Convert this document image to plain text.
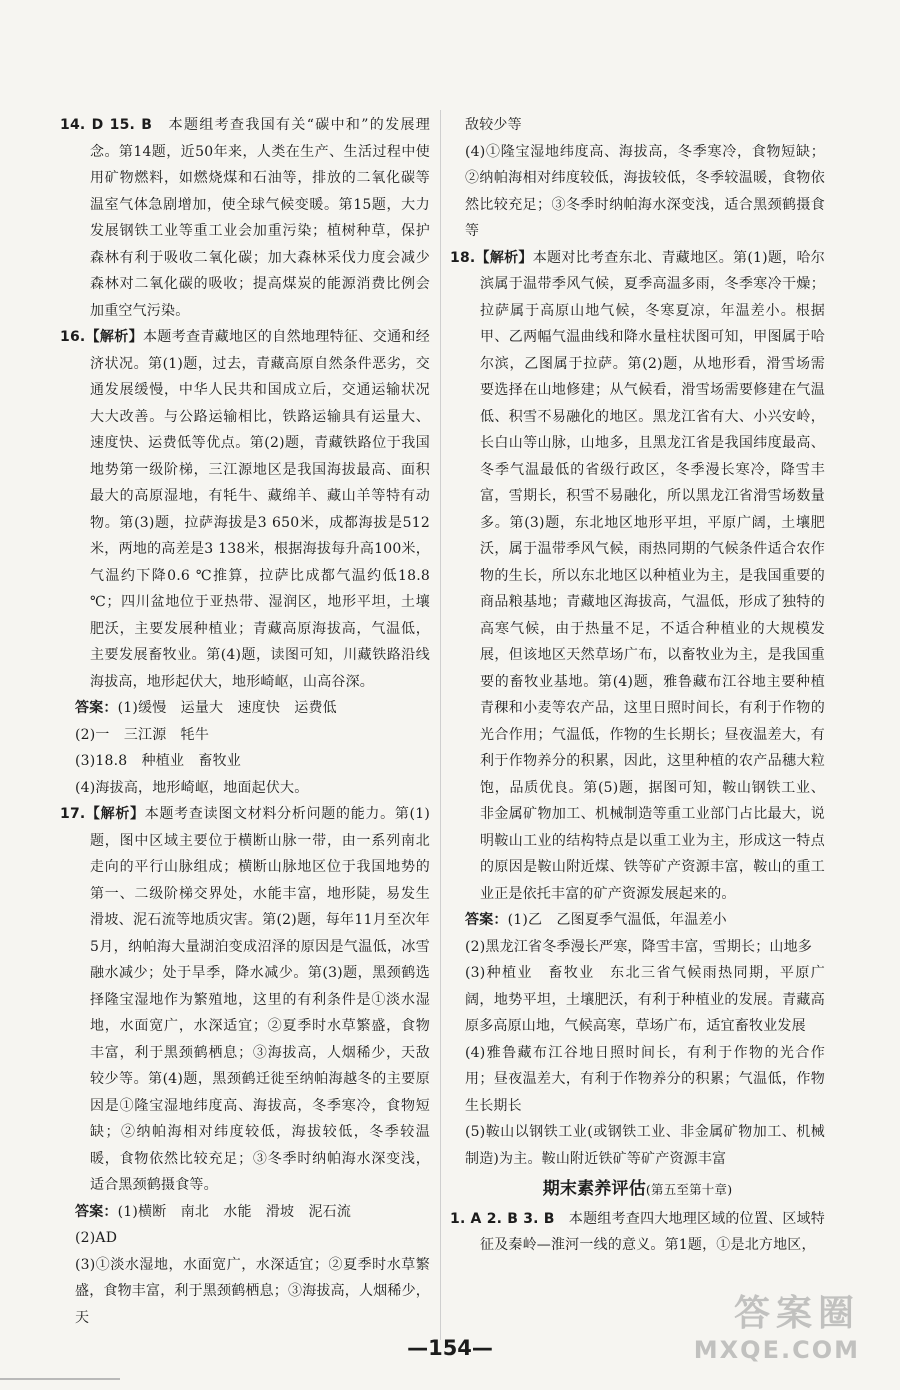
14. D 15. B　本题组考查我国有关“碳中和”的发展理念。第14题，近50年来，人类在生产、生活过程中使用矿物燃料，如燃烧煤和石油等，排放的二氧化碳等温室气体急剧增加，使全球气候变暖。第15题，大力发展钢铁工业等重工业会加重污染；植树种草，保护森林有利于吸收二氧化碳；加大森林采伐力度会减少森林对二氧化碳的吸收；提高煤炭的能源消费比例会加重空气污染。

16.【解析】本题考查青藏地区的自然地理特征、交通和经济状况。第(1)题，过去，青藏高原自然条件恶劣，交通发展缓慢，中华人民共和国成立后，交通运输状况大大改善。与公路运输相比，铁路运输具有运量大、速度快、运费低等优点。第(2)题，青藏铁路位于我国地势第一级阶梯，三江源地区是我国海拔最高、面积最大的高原湿地，有牦牛、藏绵羊、藏山羊等特有动物。第(3)题，拉萨海拔是3 650米，成都海拔是512米，两地的高差是3 138米，根据海拔每升高100米，气温约下降0.6 ℃推算，拉萨比成都气温约低18.8 ℃；四川盆地位于亚热带、湿润区，地形平坦，土壤肥沃，主要发展种植业；青藏高原海拔高，气温低，主要发展畜牧业。第(4)题，读图可知，川藏铁路沿线海拔高，地形起伏大，地形崎岖，山高谷深。

答案：(1)缓慢　运量大　速度快　运费低

(2)一　三江源　牦牛

(3)18.8　种植业　畜牧业

(4)海拔高，地形崎岖，地面起伏大。

17.【解析】本题考查读图文材料分析问题的能力。第(1)题，图中区域主要位于横断山脉一带，由一系列南北走向的平行山脉组成；横断山脉地区位于我国地势的第一、二级阶梯交界处，水能丰富，地形陡，易发生滑坡、泥石流等地质灾害。第(2)题，每年11月至次年5月，纳帕海大量湖泊变成沼泽的原因是气温低，冰雪融水减少；处于旱季，降水减少。第(3)题，黑颈鹤选择隆宝湿地作为繁殖地，这里的有利条件是①淡水湿地，水面宽广，水深适宜；②夏季时水草繁盛，食物丰富，利于黑颈鹤栖息；③海拔高，人烟稀少，天敌较少等。第(4)题，黑颈鹤迁徙至纳帕海越冬的主要原因是①隆宝湿地纬度高、海拔高，冬季寒冷，食物短缺；②纳帕海相对纬度较低，海拔较低，冬季较温暖，食物依然比较充足；③冬季时纳帕海水深变浅，适合黑颈鹤摄食等。

答案：(1)横断　南北　水能　滑坡　泥石流

(2)AD

(3)①淡水湿地，水面宽广，水深适宜；②夏季时水草繁盛，食物丰富，利于黑颈鹤栖息；③海拔高，人烟稀少，天

敌较少等

(4)①隆宝湿地纬度高、海拔高，冬季寒冷，食物短缺；②纳帕海相对纬度较低，海拔较低，冬季较温暖，食物依然比较充足；③冬季时纳帕海水深变浅，适合黑颈鹤摄食等

18.【解析】本题对比考查东北、青藏地区。第(1)题，哈尔滨属于温带季风气候，夏季高温多雨，冬季寒冷干燥；拉萨属于高原山地气候，冬寒夏凉，年温差小。根据甲、乙两幅气温曲线和降水量柱状图可知，甲图属于哈尔滨，乙图属于拉萨。第(2)题，从地形看，滑雪场需要选择在山地修建；从气候看，滑雪场需要修建在气温低、积雪不易融化的地区。黑龙江省有大、小兴安岭，长白山等山脉，山地多，且黑龙江省是我国纬度最高、冬季气温最低的省级行政区，冬季漫长寒冷，降雪丰富，雪期长，积雪不易融化，所以黑龙江省滑雪场数量多。第(3)题，东北地区地形平坦，平原广阔，土壤肥沃，属于温带季风气候，雨热同期的气候条件适合农作物的生长，所以东北地区以种植业为主，是我国重要的商品粮基地；青藏地区海拔高，气温低，形成了独特的高寒气候，由于热量不足，不适合种植业的大规模发展，但该地区天然草场广布，以畜牧业为主，是我国重要的畜牧业基地。第(4)题，雅鲁藏布江谷地主要种植青稞和小麦等农产品，这里日照时间长，有利于作物的光合作用；气温低，作物的生长期长；昼夜温差大，有利于作物养分的积累，因此，这里种植的农产品穗大粒饱，品质优良。第(5)题，据图可知，鞍山钢铁工业、非金属矿物加工、机械制造等重工业部门占比最大，说明鞍山工业的结构特点是以重工业为主，形成这一特点的原因是鞍山附近煤、铁等矿产资源丰富，鞍山的重工业正是依托丰富的矿产资源发展起来的。

答案：(1)乙　乙图夏季气温低，年温差小

(2)黑龙江省冬季漫长严寒，降雪丰富，雪期长；山地多

(3)种植业　畜牧业　东北三省气候雨热同期，平原广阔，地势平坦，土壤肥沃，有利于种植业的发展。青藏高原多高原山地，气候高寒，草场广布，适宜畜牧业发展

(4)雅鲁藏布江谷地日照时间长，有利于作物的光合作用；昼夜温差大，有利于作物养分的积累；气温低，作物生长期长

(5)鞍山以钢铁工业(或钢铁工业、非金属矿物加工、机械制造)为主。鞍山附近铁矿等矿产资源丰富

期末素养评估(第五至第十章)

1. A 2. B 3. B　本题组考查四大地理区域的位置、区域特征及秦岭—淮河一线的意义。第1题，①是北方地区，

—154—
答案圈
MXQE.COM
